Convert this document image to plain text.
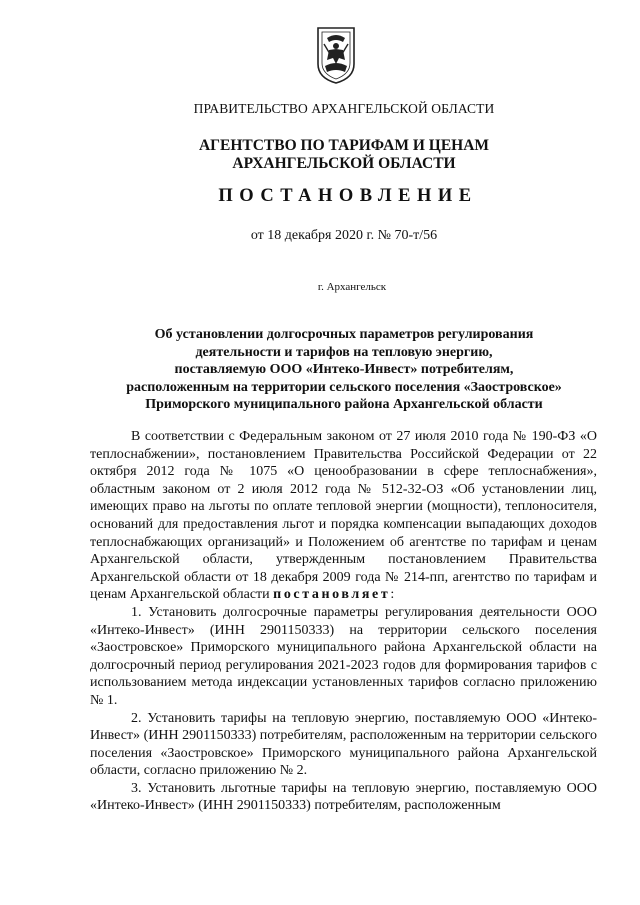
ПРАВИТЕЛЬСТВО АРХАНГЕЛЬСКОЙ ОБЛАСТИ
АГЕНТСТВО ПО ТАРИФАМ И ЦЕНАМ
АРХАНГЕЛЬСКОЙ ОБЛАСТИ
ПОСТАНОВЛЕНИЕ
от 18 декабря 2020 г. № 70-т/56
г. Архангельск
Об установлении долгосрочных параметров регулирования
деятельности и тарифов на тепловую энергию,
поставляемую ООО «Интеко-Инвест» потребителям,
расположенным на территории сельского поселения «Заостровское»
Приморского муниципального района Архангельской области

В соответствии с Федеральным законом от 27 июля 2010 года № 190-ФЗ «О теплоснабжении», постановлением Правительства Российской Федерации от 22 октября 2012 года № 1075 «О ценообразовании в сфере теплоснабжения», областным законом от 2 июля 2012 года № 512-32-ОЗ «Об установлении лиц, имеющих право на льготы по оплате тепловой энергии (мощности), теплоносителя, оснований для предоставления льгот и порядка компенсации выпадающих доходов теплоснабжающих организаций» и Положением об агентстве по тарифам и ценам Архангельской области, утвержденным постановлением Правительства Архангельской области от 18 декабря 2009 года № 214-пп, агентство по тарифам и ценам Архангельской области постановляет:

1. Установить долгосрочные параметры регулирования деятельности ООО «Интеко-Инвест» (ИНН 2901150333) на территории сельского поселения «Заостровское» Приморского муниципального района Архангельской области на долгосрочный период регулирования 2021-2023 годов для формирования тарифов с использованием метода индексации установленных тарифов согласно приложению № 1.

2. Установить тарифы на тепловую энергию, поставляемую ООО «Интеко-Инвест» (ИНН 2901150333) потребителям, расположенным на территории сельского поселения «Заостровское» Приморского муниципального района Архангельской области, согласно приложению № 2.

3. Установить льготные тарифы на тепловую энергию, поставляемую ООО «Интеко-Инвест» (ИНН 2901150333) потребителям, расположенным
